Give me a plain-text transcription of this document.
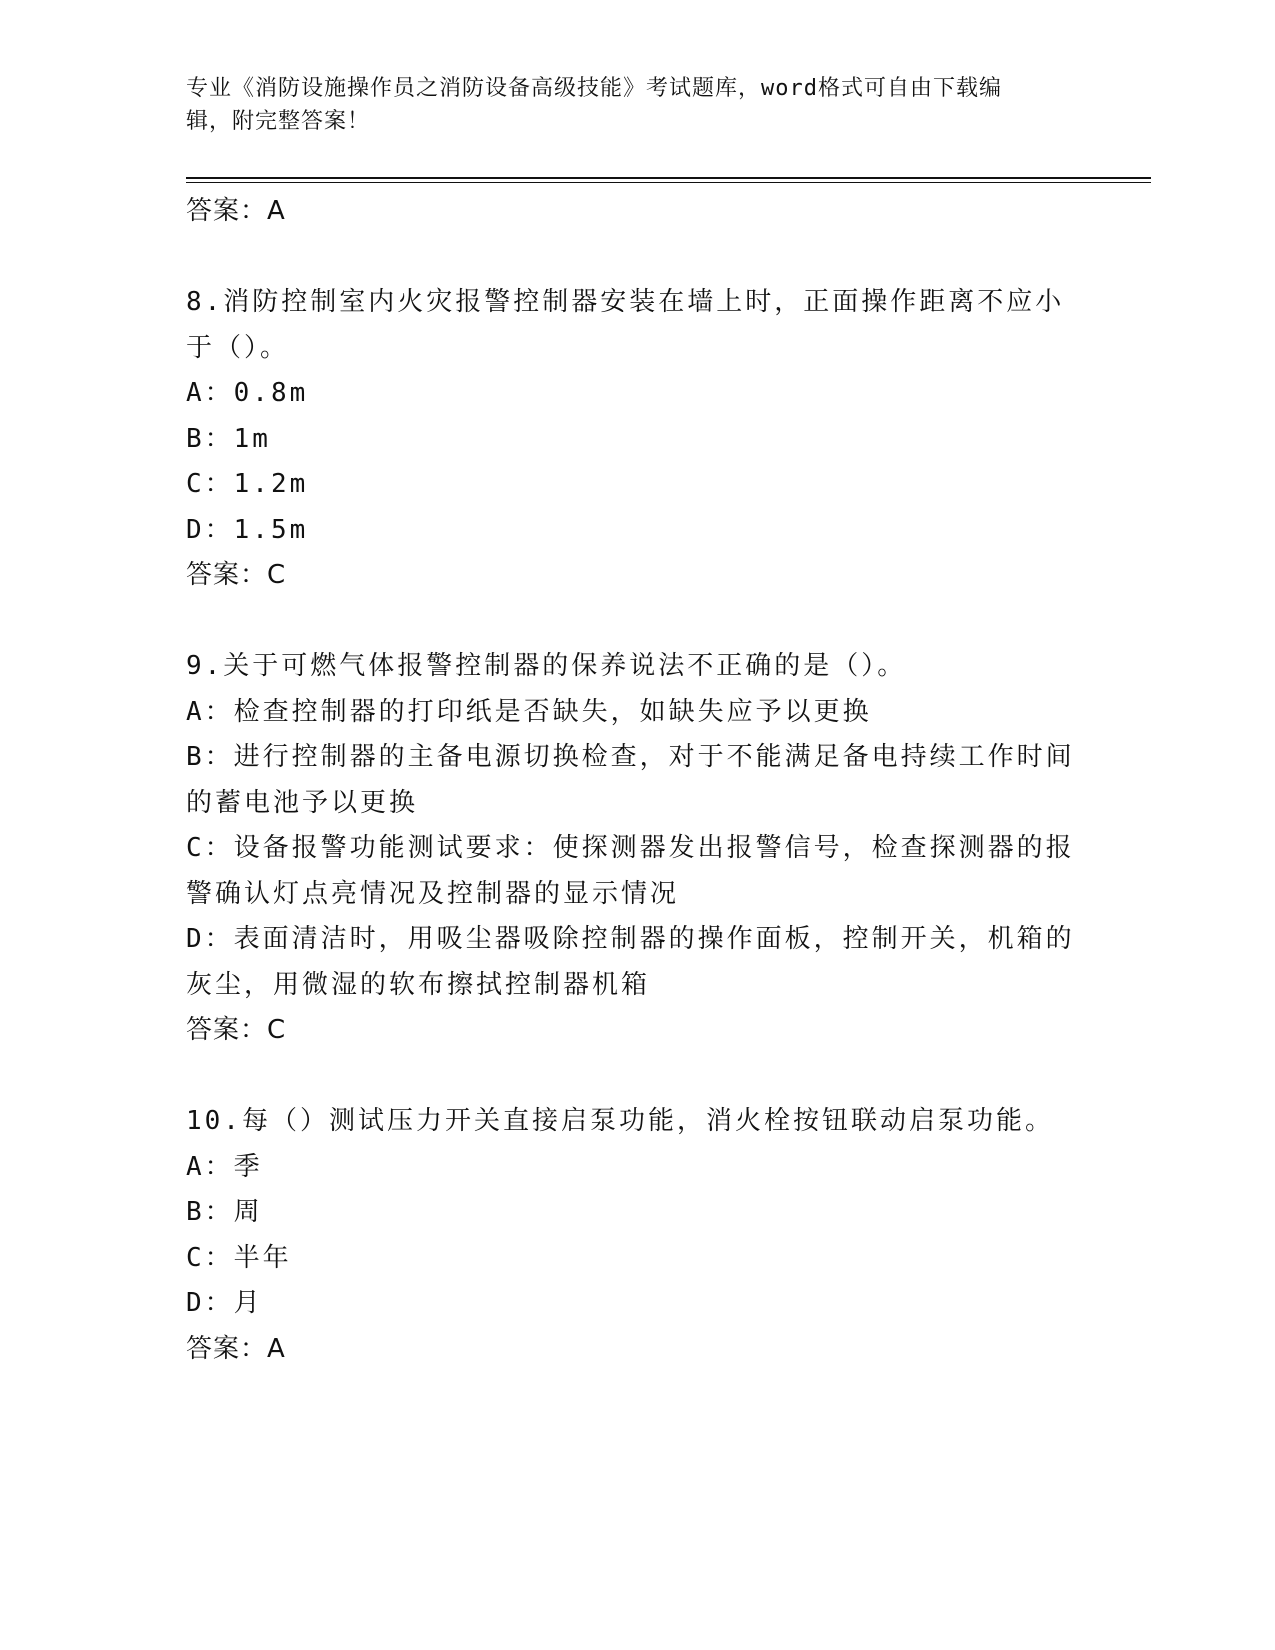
专业《消防设施操作员之消防设备高级技能》考试题库，word格式可自由下载编
辑，附完整答案！
答案：A
8.消防控制室内火灾报警控制器安装在墙上时，正面操作距离不应小
于（）。
A：0.8m
B：1m
C：1.2m
D：1.5m
答案：C
9.关于可燃气体报警控制器的保养说法不正确的是（）。
A：检查控制器的打印纸是否缺失，如缺失应予以更换
B：进行控制器的主备电源切换检查，对于不能满足备电持续工作时间
的蓄电池予以更换
C：设备报警功能测试要求：使探测器发出报警信号，检查探测器的报
警确认灯点亮情况及控制器的显示情况
D：表面清洁时，用吸尘器吸除控制器的操作面板，控制开关，机箱的
灰尘，用微湿的软布擦拭控制器机箱
答案：C
10.每（）测试压力开关直接启泵功能，消火栓按钮联动启泵功能。
A：季
B：周
C：半年
D：月
答案：A
